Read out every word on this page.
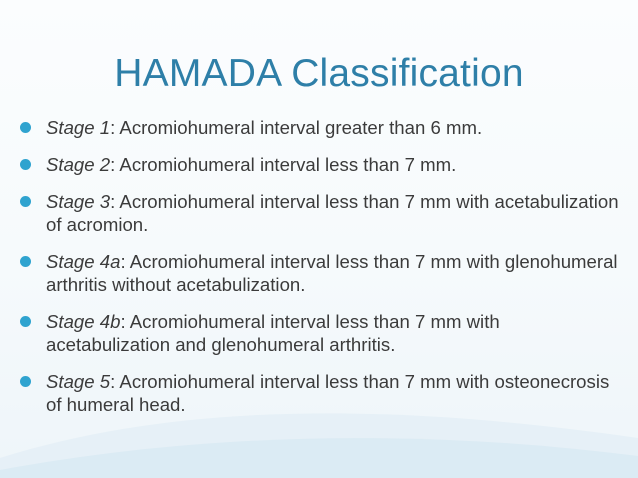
HAMADA Classification
Stage 1: Acromiohumeral interval greater than 6 mm.
Stage 2: Acromiohumeral interval less than 7 mm.
Stage 3: Acromiohumeral interval less than 7 mm with acetabulization of acromion.
Stage 4a: Acromiohumeral interval less than 7 mm with glenohumeral arthritis without acetabulization.
Stage 4b: Acromiohumeral interval less than 7 mm with acetabulization and glenohumeral arthritis.
Stage 5: Acromiohumeral interval less than 7 mm with osteonecrosis of humeral head.
